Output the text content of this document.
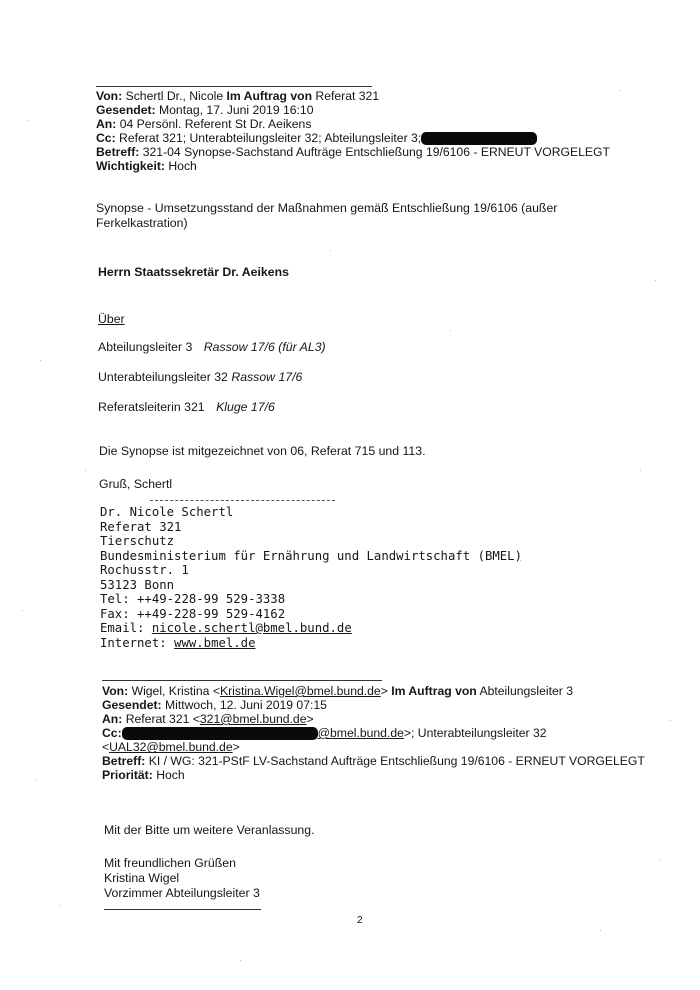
Von: Schertl Dr., Nicole Im Auftrag von Referat 321
Gesendet: Montag, 17. Juni 2019 16:10
An: 04 Persönl. Referent St Dr. Aeikens
Cc: Referat 321; Unterabteilungsleiter 32; Abteilungsleiter 3;
Betreff: 321-04 Synopse-Sachstand Aufträge Entschließung 19/6106 - ERNEUT VORGELEGT
Wichtigkeit: Hoch
Synopse - Umsetzungsstand der Maßnahmen gemäß Entschließung 19/6106 (außer
Ferkelkastration)
Herrn Staatssekretär Dr. Aeikens
Über
Abteilungsleiter 3 Rassow 17/6 (für AL3)
Unterabteilungsleiter 32 Rassow 17/6
Referatsleiterin 321 Kluge 17/6
Die Synopse ist mitgezeichnet von 06, Referat 715 und 113.
Gruß, Schertl
Dr. Nicole Schertl
Referat 321
Tierschutz
Bundesministerium für Ernährung und Landwirtschaft (BMEL)
Rochusstr. 1
53123 Bonn
Tel: ++49-228-99 529-3338
Fax: ++49-228-99 529-4162
Email: nicole.schertl@bmel.bund.de
Internet: www.bmel.de
Von: Wigel, Kristina <Kristina.Wigel@bmel.bund.de> Im Auftrag von Abteilungsleiter 3
Gesendet: Mittwoch, 12. Juni 2019 07:15
An: Referat 321 <321@bmel.bund.de>
Cc:	@bmel.bund.de>; Unterabteilungsleiter 32
<UAL32@bmel.bund.de>
Betreff: KI / WG: 321-PStF LV-Sachstand Aufträge Entschließung 19/6106 - ERNEUT VORGELEGT
Priorität: Hoch
Mit der Bitte um weitere Veranlassung.
Mit freundlichen Grüßen
Kristina Wigel
Vorzimmer Abteilungsleiter 3
2
